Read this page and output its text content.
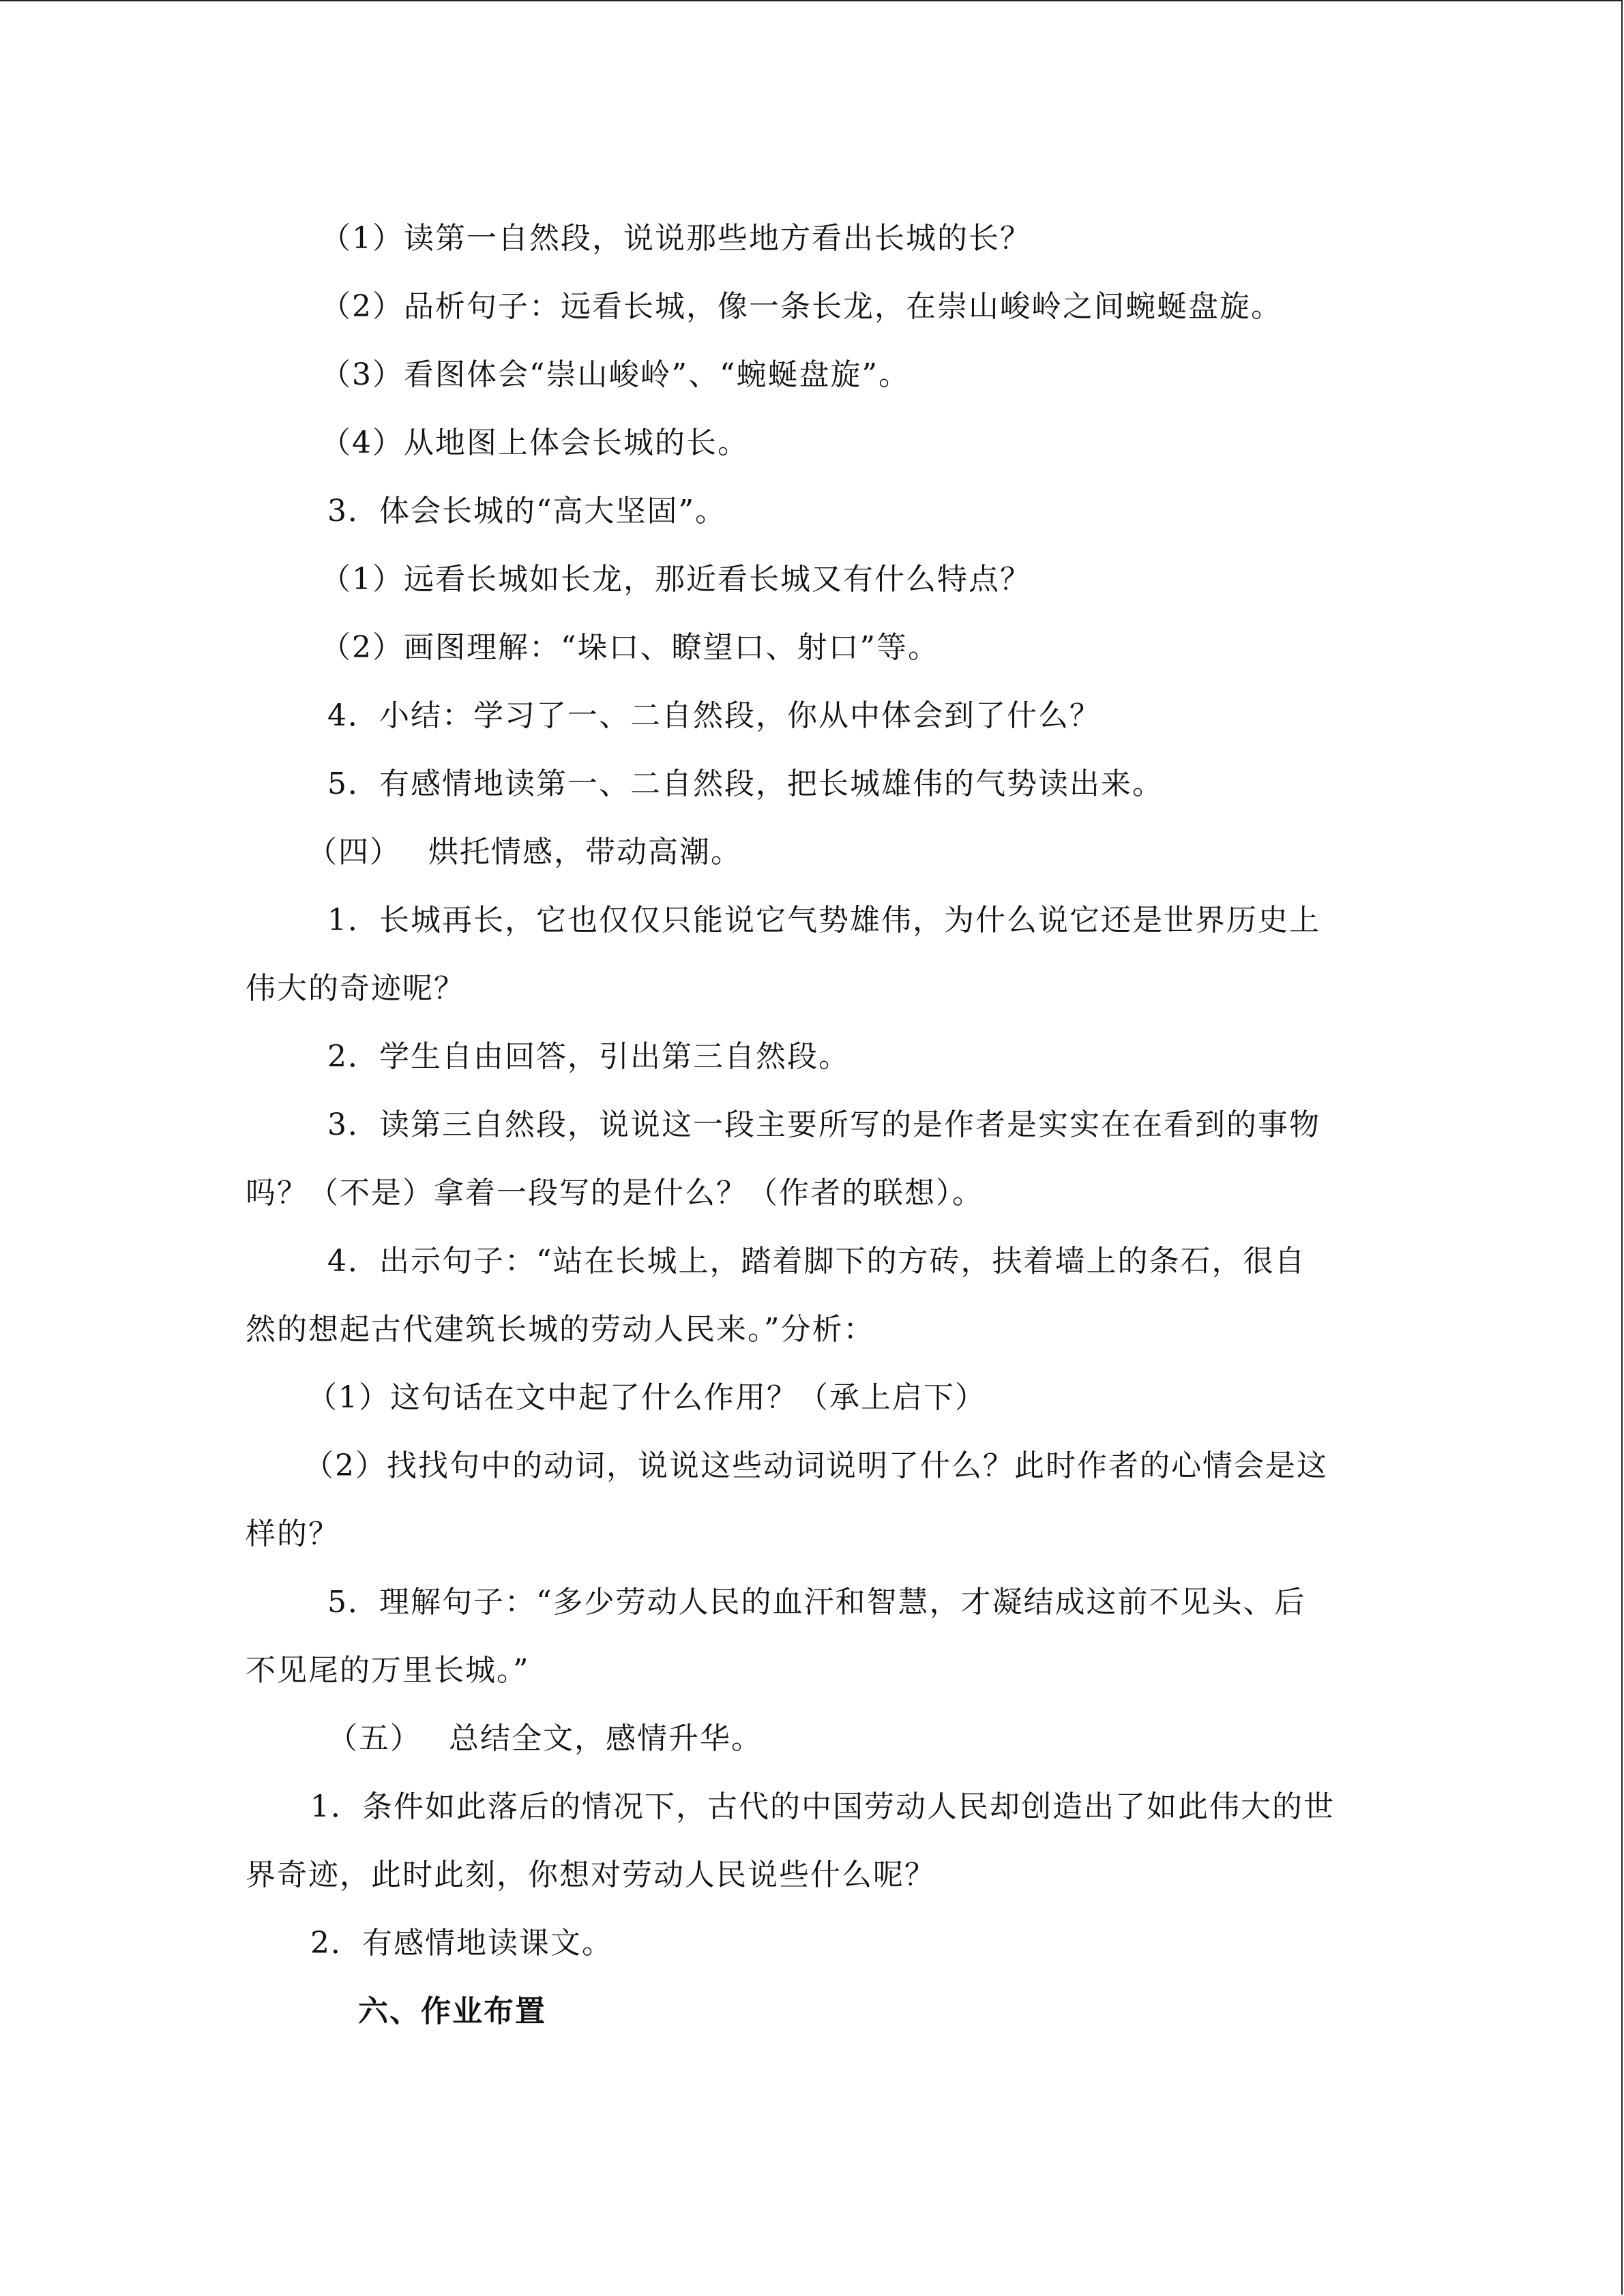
（1）读第一自然段，说说那些地方看出长城的长？
（2）品析句子：远看长城，像一条长龙，在崇山峻岭之间蜿蜒盘旋。
（3）看图体会“崇山峻岭”、“蜿蜒盘旋”。
（4）从地图上体会长城的长。
3．体会长城的“高大坚固”。
（1）远看长城如长龙，那近看长城又有什么特点？
（2）画图理解：“垛口、瞭望口、射口”等。
4．小结：学习了一、二自然段，你从中体会到了什么？
5．有感情地读第一、二自然段，把长城雄伟的气势读出来。
（四）　 烘托情感，带动高潮。
1．长城再长，它也仅仅只能说它气势雄伟，为什么说它还是世界历史上
伟大的奇迹呢？
2．学生自由回答，引出第三自然段。
3．读第三自然段，说说这一段主要所写的是作者是实实在在看到的事物
吗？（不是）拿着一段写的是什么？（作者的联想）。
4．出示句子：“站在长城上，踏着脚下的方砖，扶着墙上的条石，很自
然的想起古代建筑长城的劳动人民来。”分析：
（1）这句话在文中起了什么作用？（承上启下）
（2）找找句中的动词，说说这些动词说明了什么？此时作者的心情会是这
样的？
5．理解句子：“多少劳动人民的血汗和智慧，才凝结成这前不见头、后
不见尾的万里长城。”
（五）　 总结全文，感情升华。
1．条件如此落后的情况下，古代的中国劳动人民却创造出了如此伟大的世
界奇迹，此时此刻，你想对劳动人民说些什么呢？
2．有感情地读课文。
六、作业布置
